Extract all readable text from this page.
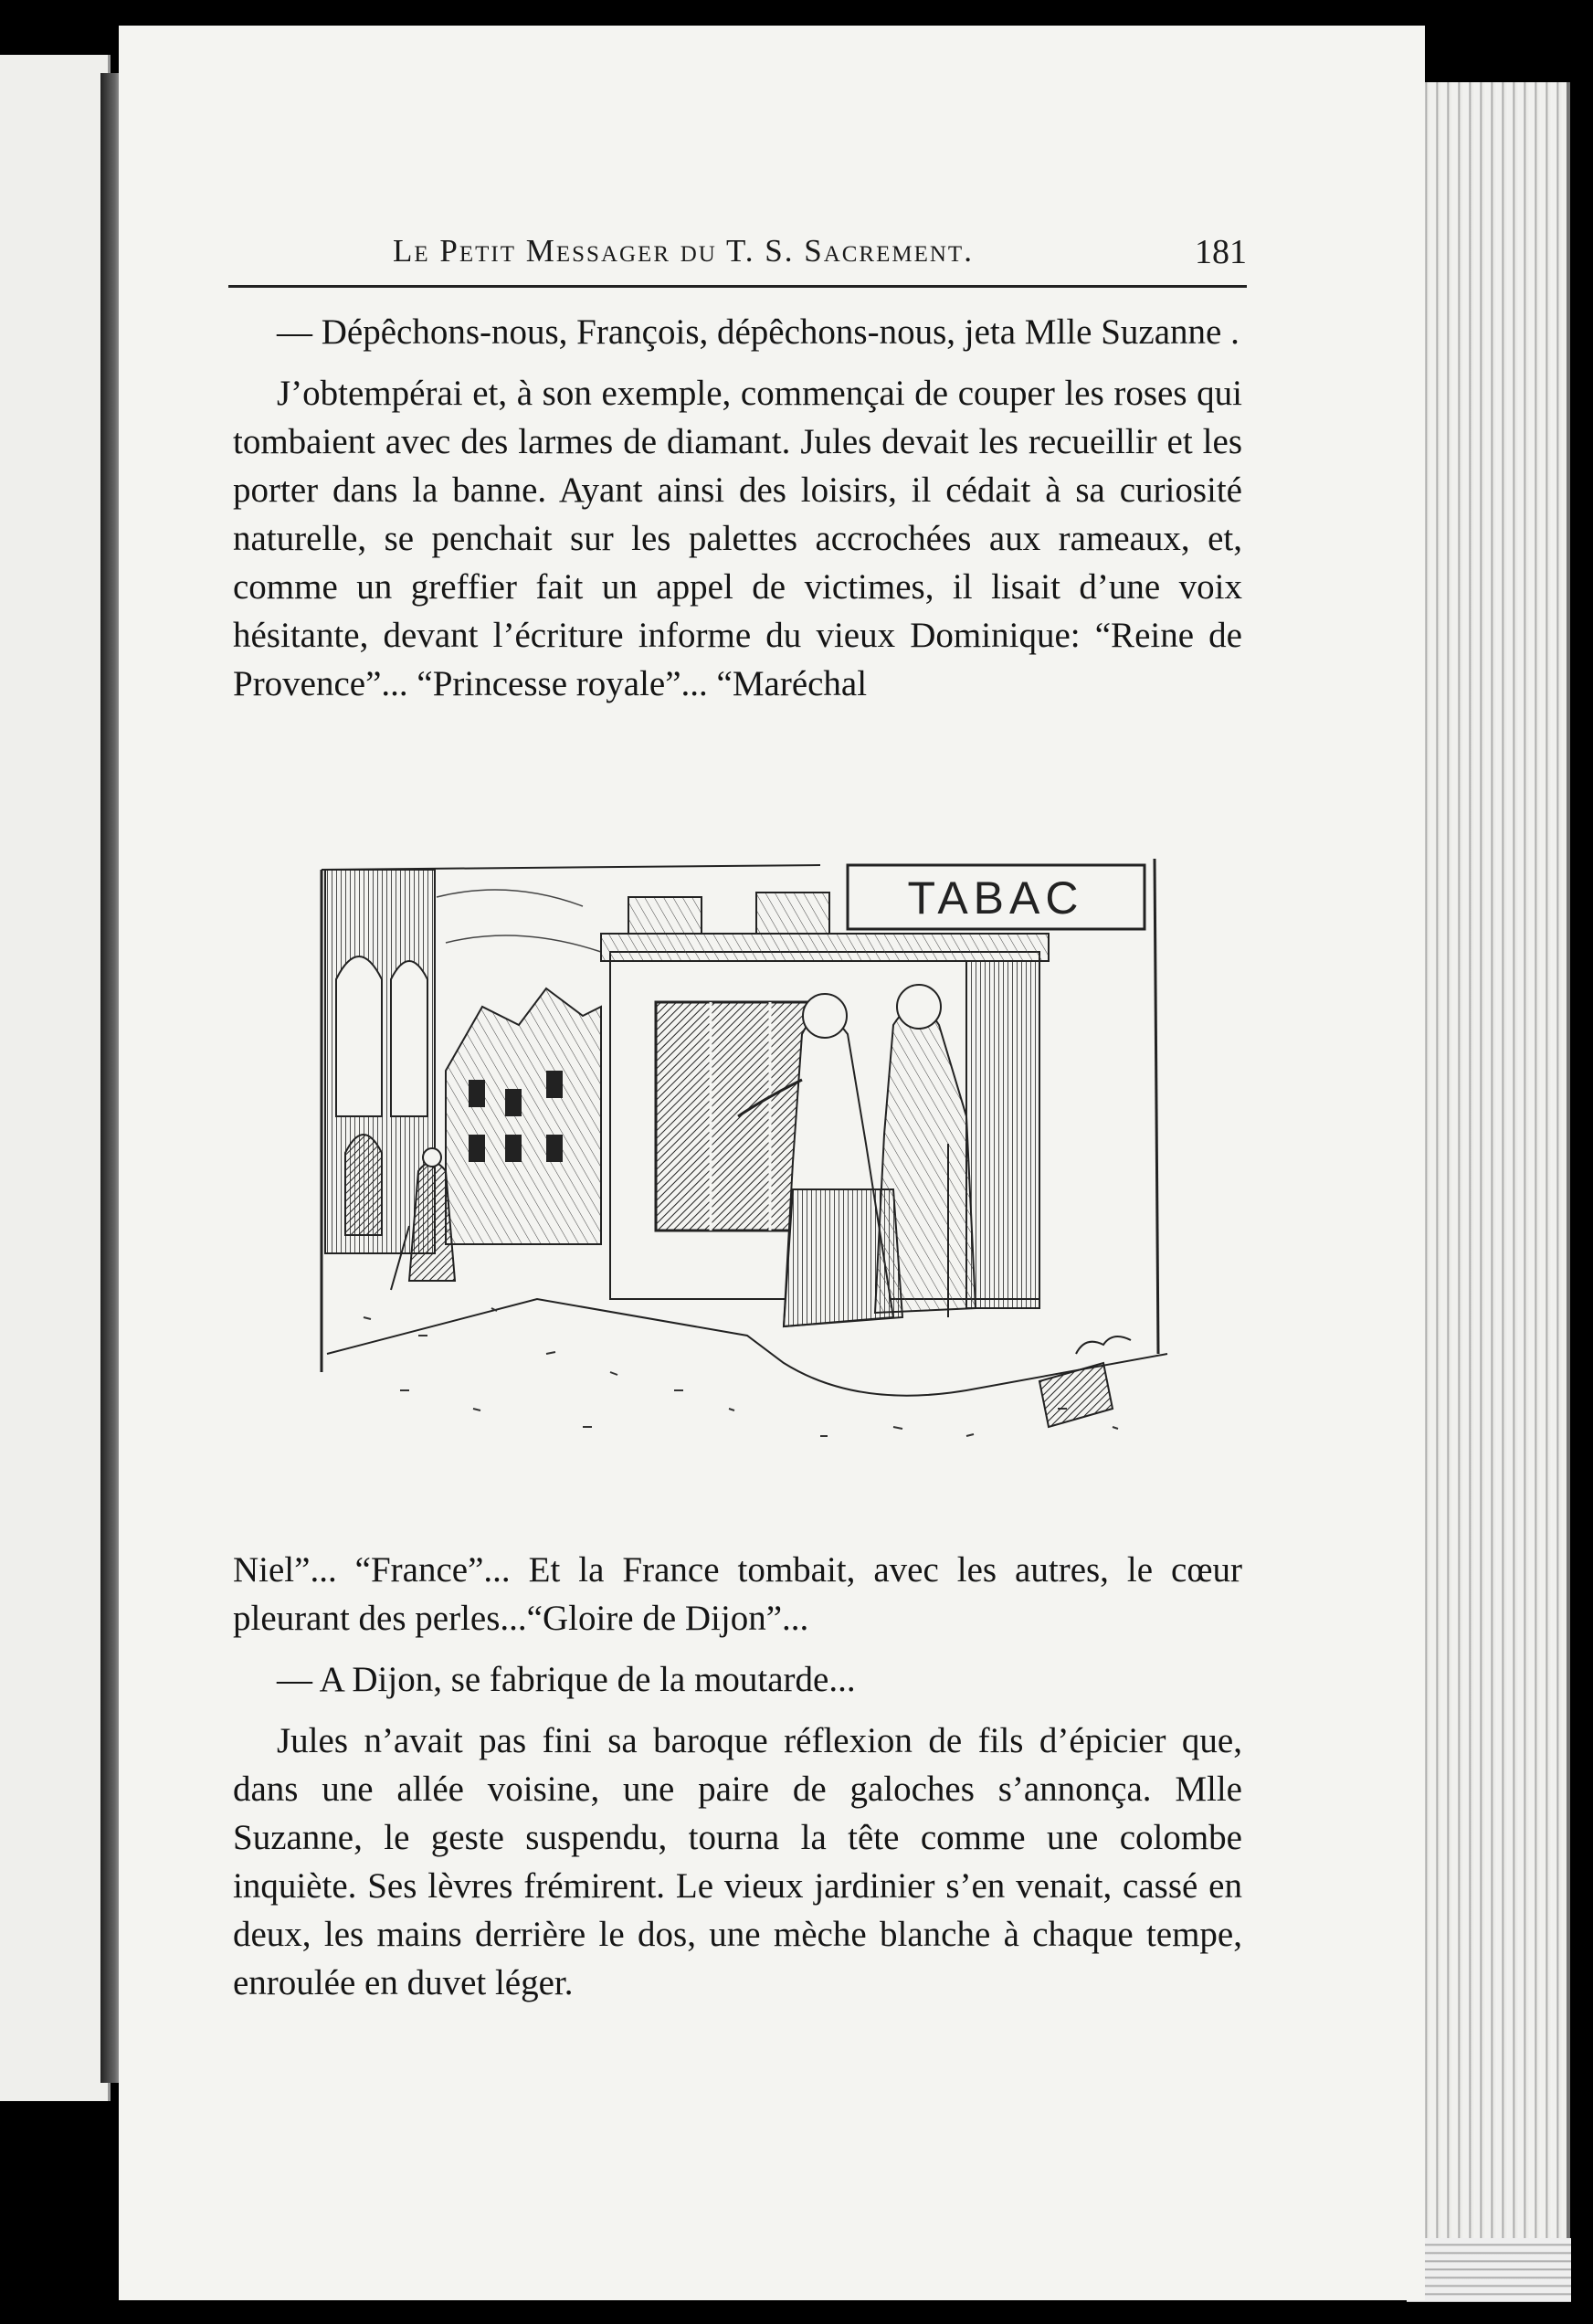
Le Petit Messager du T. S. Sacrement.	181

— Dépêchons-nous, François, dépêchons-nous, jeta Mlle Suzanne .

J’obtempérai et, à son exemple, commençai de couper les roses qui tombaient avec des larmes de diamant. Jules devait les recueillir et les porter dans la banne. Ayant ainsi des loisirs, il cédait à sa curiosité naturelle, se penchait sur les palettes accrochées aux rameaux, et, comme un greffier fait un appel de victimes, il lisait d’une voix hésitante, devant l’écriture informe du vieux Dominique: “Reine de Provence”... “Princesse royale”... “Maréchal

TABAC

Niel”... “France”... Et la France tombait, avec les autres, le cœur pleurant des perles...“Gloire de Dijon”...

— A Dijon, se fabrique de la moutarde...

Jules n’avait pas fini sa baroque réflexion de fils d’épicier que, dans une allée voisine, une paire de galoches s’annonça. Mlle Suzanne, le geste suspendu, tourna la tête comme une colombe inquiète. Ses lèvres frémirent. Le vieux jardinier s’en venait, cassé en deux, les mains derrière le dos, une mèche blanche à chaque tempe, enroulée en duvet léger.
